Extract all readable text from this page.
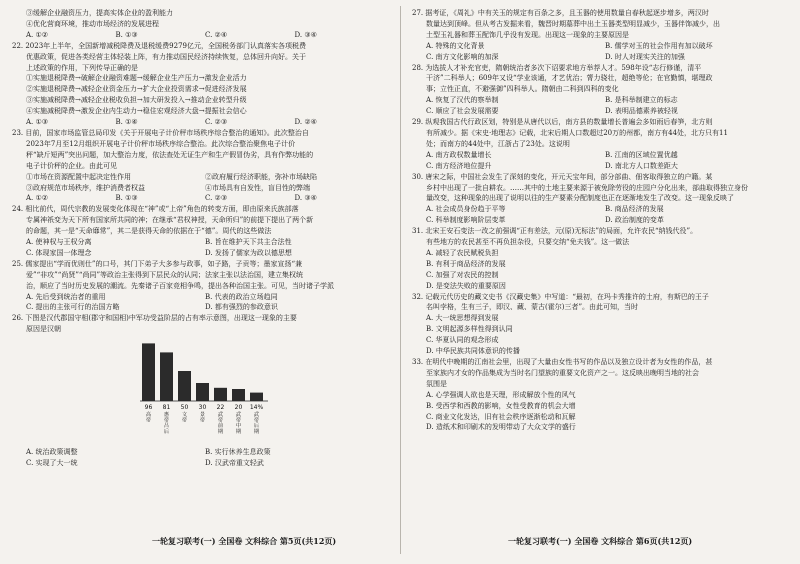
③缓解企业融资压力，提高实体企业的盈利能力
④优化营商环境，推动市场经济的发展进程
A. ①②	B. ①③	C. ②④	D. ③④
22. 2023年上半年，全国新增减税降费及退税缓费9279亿元，全国税务部门认真落实各项税费
优惠政策，促进各类经营主体轻装上阵，有力推动国民经济持续恢复，总体回升向好。关于
上述政策的作用，下列传导正确的是
①实施退税降费→破解企业融资难题→缓解企业生产压力→激发企业活力
②实施退税降费→减轻企业资金压力→扩大企业投资需求→促进经济发展
③实施减税降费→减轻企业税收负担→加大研发投入→推动企业转型升级
④实施减税降费→激发企业内生动力→稳住宏观经济大盘→提振社会信心
A. ①③	B. ①④	C. ②③	D. ②④
23. 目前，国家市场监管总局印发《关于开展电子计价秤市场秩序综合整治的通知》。此次整治自
2023年7月至12月组织开展电子计价秤市场秩序综合整治。此次综合整治聚焦电子计价
秤“缺斤短两”突出问题，加大整治力度，依法查处无证生产和生产假冒伪劣，具有作弊功能的
电子计价秤的企业。由此可见
①市场在资源配置中起决定性作用	②政府履行经济职能，弥补市场缺陷
③政府规范市场秩序，维护消费者权益	④市场具有自发性，盲目性的弊端
A. ①②	B. ①③	C. ②③	D. ③④
24. 相比前代，周代宗教的发展变化体现在“神”或“上帝”角色的转变方面，即由原来氏族部落
专属神祇变为天下所有国家所共同的神；在继承“君权神授，天命所归”的前提下提出了两个新
的命题，其一是“天命靡常”，其二是获得天命的依据在于“德”。周代的这些做法
A. 使神权与王权分离	B. 旨在维护天下共主合法性
C. 体现家国一体理念	D. 发扬了儒家为政以德思想
25. 儒家提出“学而优则仕”的口号，其门下弟子大多参与政事，如子路，子贡等；墨家宣扬“兼
爱”“非攻”“尚贤”“尚同”等政治主张得到下层民众的认同；法家主张以法治国，建立集权统
治，顺应了当时历史发展的潮流。先秦诸子百家竞相争鸣，提出各种治国主张。可见，当时诸子学派
A. 先后受到统治者的重用	B. 代表的政治立场趋同
C. 提出的主张可行的治国方略	D. 都有强烈的参政意识
26. 下图是汉代郡国守相(郡守和国相)中军功受益阶层的占有率示意图，出现这一现象的主要
原因是汉朝
96
高帝
81
惠帝吕后
50
文帝
30
景帝
22
武帝前期
20
武帝中期
14%
武帝后期
A. 统治政策调整	B. 实行休养生息政策
C. 实现了大一统	D. 汉武帝重文轻武
27. 据考证，《周礼》中有关玉的规定有百条之多，且玉器的使用数量自春秋起逐步增多，两汉时
数量达到顶峰。但从考古发掘来看，魏晋时期墓葬中出土玉器类型明显减少，玉器伴饰减少，出
土型玉礼器和葬玉配饰几乎没有发现。出现这一现象的主要原因是
A. 特殊的文化背景	B. 儒学对玉的社会作用有加以破坏
C. 南方文化影响的加深	D. 时人对现实关注的加强
28. 为选拔人才补充官吏，隋朝统治者多次下诏要求地方举荐人才。598年设“志行修谨，清平
干济”二科举人；609年又设“学业该通，才艺优治；膂力骁壮，超绝等伦；在官勤慎，堪理政
事；立性正直，不避强御”四科举人。隋朝由二科到四科的变化
A. 恢复了汉代的察举制	B. 是科举制建立的标志
C. 顺应了社会发展需要	D. 表明品德素养被轻视
29. 纵观我国古代行政区划，特别是从唐代以后，南方县的数量增长普遍会多如雨后春笋，北方则
有所减少。据《宋史·地理志》记载，北宋后期人口数超过20万的州都，南方有44处，北方只有11
处；而南方的44处中，江浙占了23处。这说明
A. 南方政权数量增长	B. 江南的区域位置优越
C. 南方经济地位提升	D. 南北方人口数差距大
30. 唐宋之际，中国社会发生了深刻的变化，开元天宝年间，部分部曲、佃客取得独立的户籍。某
乡村中出现了一批自耕农。……其中的土地主要来源于被免除劳役的庄园户分化出来，部曲取得独立身份
量改变，这种现象的出现了说明以往的生产要素分配制度也正在逐渐地发生了改变。这一现象反映了
A. 社会成员身份趋于平等	B. 商品经济的发展
C. 科举制度影响阶层变革	D. 政治制度的变革
31. 北宋王安石变法一改之前强调“正有差法，元(原)无标法”的局面，允许农民“纳钱代役”。
有些地方的农民甚至不再负担杂役，只要交纳“免夫钱”。这一做法
A. 减轻了农民赋税负担
B. 有利于商品经济的发展
C. 加强了对农民的控制
D. 是变法失败的重要原因
32. 记载元代历史的藏文史书《汉藏史集》中写道：“最初，在玛卡秀推许的土府，有斯巴的王子
名叫孛格，生有三子，即汉、藏、蒙古(霍尔)三者”。由此可知，当时
A. 大一统思想得到发展
B. 文明起源多样性得到认同
C. 华夏认同的观念形成
D. 中华民族共同体意识的传播
33. 在明代中晚期的江南社会里，出现了大量由女性书写的作品以及独立设计者为女性的作品，甚
至家族内才女的作品集成为当时名门望族的重要文化资产之一。这反映出晚明当地的社会
氛围是
A. 心学强调人欲也是天理，形成解放个性的风气
B. 受西学和西教的影响，女性受教育的机会大增
C. 商业文化发达，旧有社会秩序逐渐松动和瓦解
D. 造纸术和印刷术的发明带动了大众文学的盛行
一轮复习联考(一) 全国卷 文科综合 第5页(共12页)	一轮复习联考(一) 全国卷 文科综合 第6页(共12页)
